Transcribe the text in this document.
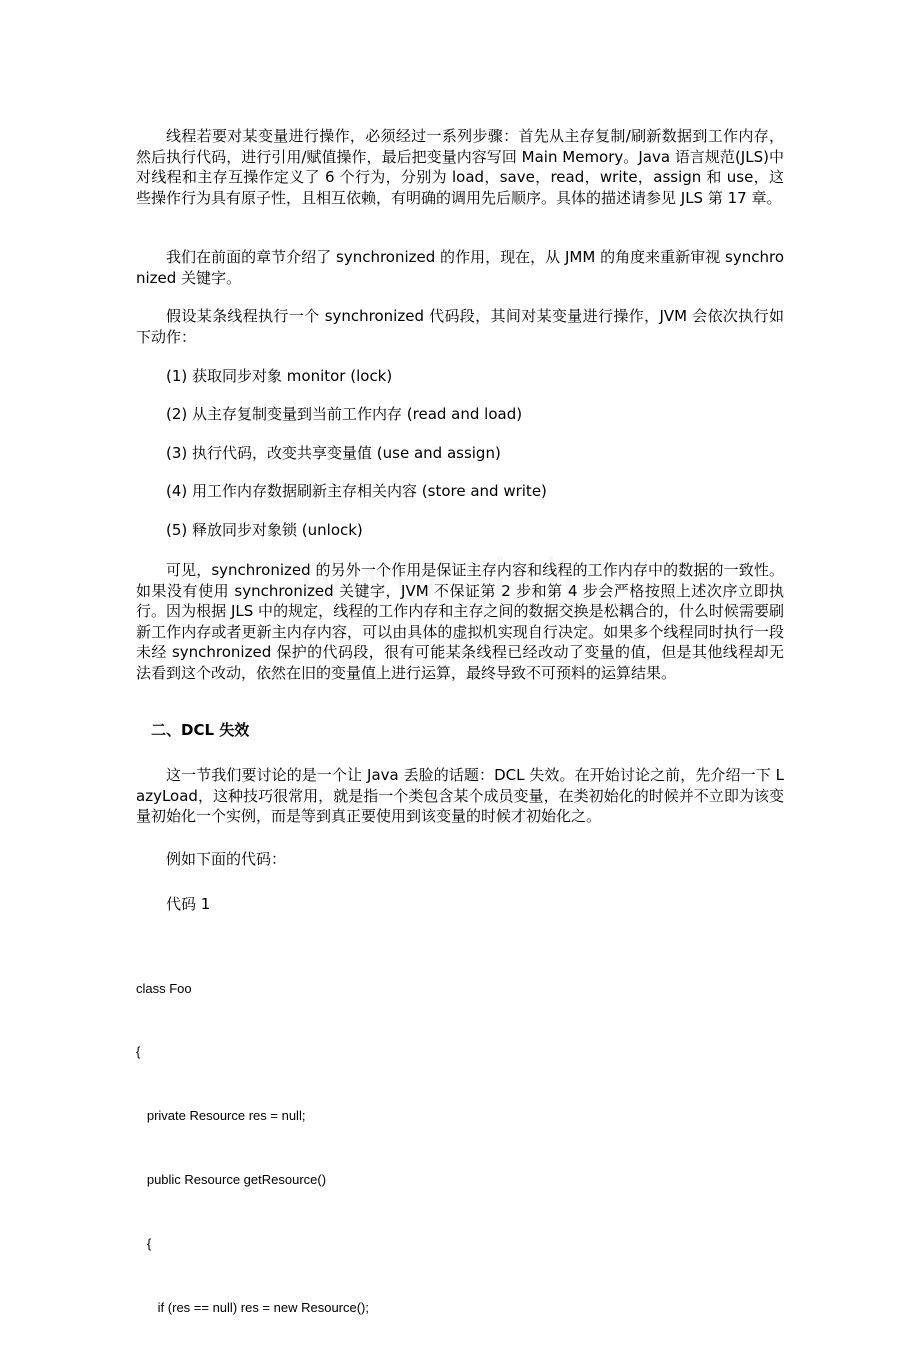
线程若要对某变量进行操作，必须经过一系列步骤：首先从主存复制/刷新数据到工作内存，然后执行代码，进行引用/赋值操作，最后把变量内容写回 Main Memory。Java 语言规范(JLS)中对线程和主存互操作定义了 6 个行为，分别为 load，save，read，write，assign 和 use，这些操作行为具有原子性，且相互依赖，有明确的调用先后顺序。具体的描述请参见 JLS 第 17 章。

我们在前面的章节介绍了 synchronized 的作用，现在，从 JMM 的角度来重新审视 synchronized 关键字。

假设某条线程执行一个 synchronized 代码段，其间对某变量进行操作，JVM 会依次执行如下动作：

(1) 获取同步对象 monitor (lock)

(2) 从主存复制变量到当前工作内存 (read and load)

(3) 执行代码，改变共享变量值 (use and assign)

(4) 用工作内存数据刷新主存相关内容 (store and write)

(5) 释放同步对象锁 (unlock)

可见，synchronized 的另外一个作用是保证主存内容和线程的工作内存中的数据的一致性。如果没有使用 synchronized 关键字，JVM 不保证第 2 步和第 4 步会严格按照上述次序立即执行。因为根据 JLS 中的规定，线程的工作内存和主存之间的数据交换是松耦合的，什么时候需要刷新工作内存或者更新主内存内容，可以由具体的虚拟机实现自行决定。如果多个线程同时执行一段未经 synchronized 保护的代码段，很有可能某条线程已经改动了变量的值，但是其他线程却无法看到这个改动，依然在旧的变量值上进行运算，最终导致不可预料的运算结果。

二、DCL 失效

这一节我们要讨论的是一个让 Java 丢脸的话题：DCL 失效。在开始讨论之前，先介绍一下 LazyLoad，这种技巧很常用，就是指一个类包含某个成员变量，在类初始化的时候并不立即为该变量初始化一个实例，而是等到真正要使用到该变量的时候才初始化之。

例如下面的代码：

代码 1

class Foo

{

private Resource res = null;

public Resource getResource()

{

if (res == null) res = new Resource();
